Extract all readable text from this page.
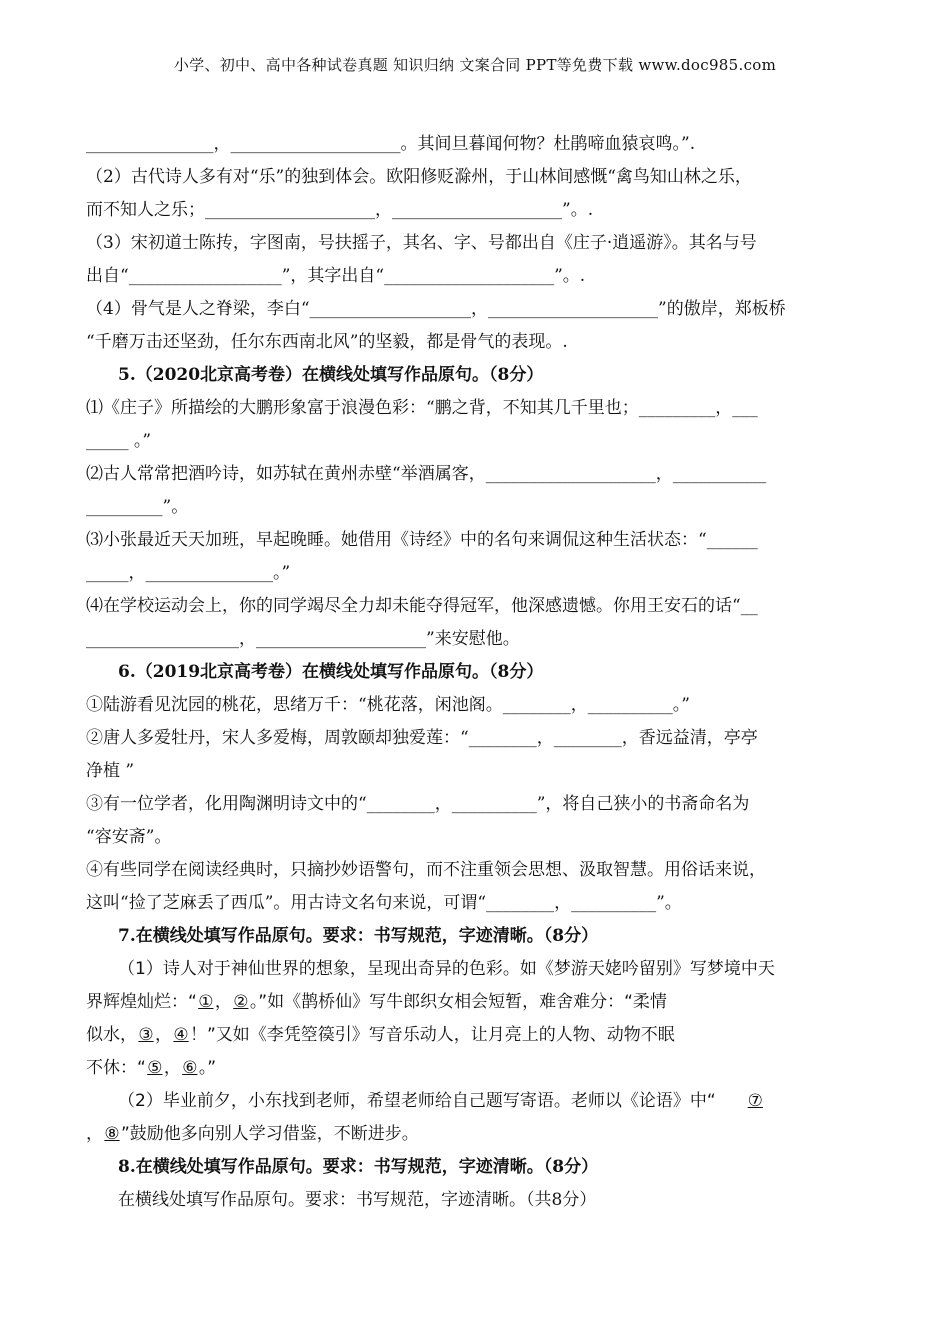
小学、初中、高中各种试卷真题 知识归纳 文案合同 PPT等免费下载 www.doc985.com
_______________，____________________。其间旦暮闻何物？杜鹃啼血猿哀鸣。”.
（2）古代诗人多有对“乐”的独到体会。欧阳修贬滁州，于山林间感慨“禽鸟知山林之乐，
而不知人之乐；____________________，____________________”。.
（3）宋初道士陈抟，字图南，号扶摇子，其名、字、号都出自《庄子·逍遥游》。其名与号
出自“__________________”，其字出自“____________________”。.
（4）骨气是人之脊梁，李白“___________________，____________________”的傲岸，郑板桥
“千磨万击还坚劲，任尔东西南北风”的坚毅，都是骨气的表现。.
5.（2020北京高考卷）在横线处填写作品原句。（8分）
⑴《庄子》所描绘的大鹏形象富于浪漫色彩：“鹏之背，不知其几千里也；_________，___
_____ 。”
⑵古人常常把酒吟诗，如苏轼在黄州赤壁“举酒属客，____________________，___________
_________”。
⑶小张最近天天加班，早起晚睡。她借用《诗经》中的名句来调侃这种生活状态：“______
_____，_______________。”
⑷在学校运动会上，你的同学竭尽全力却未能夺得冠军，他深感遗憾。你用王安石的话“__
__________________，____________________”来安慰他。
6.（2019北京高考卷）在横线处填写作品原句。（8分）
①陆游看见沈园的桃花，思绪万千：“桃花落，闲池阁。________，__________。”
②唐人多爱牡丹，宋人多爱梅，周敦颐却独爱莲：“________，________，香远益清，亭亭
净植 ”
③有一位学者，化用陶渊明诗文中的“________，__________”，将自己狭小的书斋命名为
“容安斋”。
④有些同学在阅读经典时，只摘抄妙语警句，而不注重领会思想、汲取智慧。用俗话来说，
这叫“捡了芝麻丢了西瓜”。用古诗文名句来说，可谓“________，__________”。
7.在横线处填写作品原句。要求：书写规范，字迹清晰。（8分）
（1）诗人对于神仙世界的想象，呈现出奇异的色彩。如《梦游天姥吟留别》写梦境中天
界辉煌灿烂：“①，②。”如《鹊桥仙》写牛郎织女相会短暂，难舍难分：“柔情
似水，③，④！”又如《李凭箜篌引》写音乐动人，让月亮上的人物、动物不眠
不休：“⑤，⑥。”
（2）毕业前夕，小东找到老师，希望老师给自己题写寄语。老师以《论语》中“⑦
，⑧”鼓励他多向别人学习借鉴，不断进步。
8.在横线处填写作品原句。要求：书写规范，字迹清晰。（8分）
在横线处填写作品原句。要求：书写规范，字迹清晰。（共8分）
